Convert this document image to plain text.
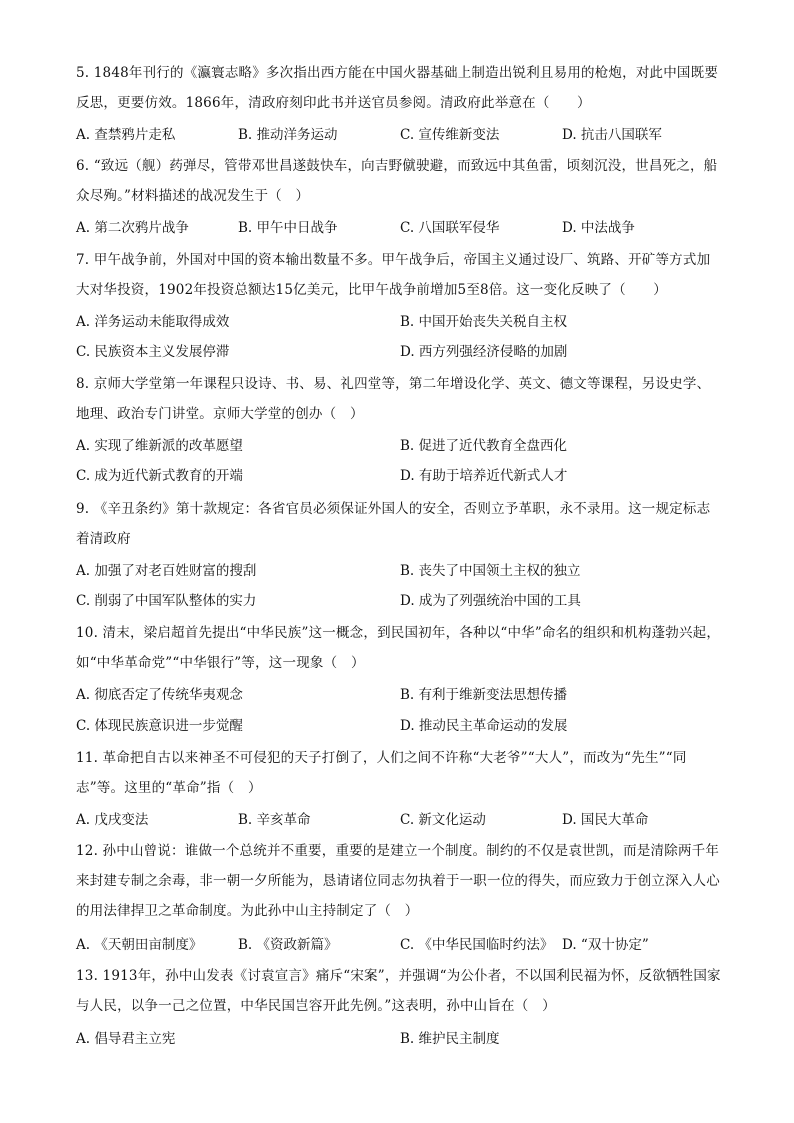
5. 1848年刊行的《瀛寰志略》多次指出西方能在中国火器基础上制造出锐利且易用的枪炮，对此中国既要反思，更要仿效。1866年，清政府刻印此书并送官员参阅。清政府此举意在（　　）

A. 查禁鸦片走私	B. 推动洋务运动	C. 宣传维新变法	D. 抗击八国联军

6. “致远（舰）药弹尽，管带邓世昌遂鼓快车，向吉野僦驶避，而致远中其鱼雷，顷刻沉没，世昌死之，船众尽殉。”材料描述的战况发生于（　）

A. 第二次鸦片战争	B. 甲午中日战争	C. 八国联军侵华	D. 中法战争

7. 甲午战争前，外国对中国的资本输出数量不多。甲午战争后，帝国主义通过设厂、筑路、开矿等方式加大对华投资，1902年投资总额达15亿美元，比甲午战争前增加5至8倍。这一变化反映了（　　）

A. 洋务运动未能取得成效	B. 中国开始丧失关税自主权
C. 民族资本主义发展停滞	D. 西方列强经济侵略的加剧

8. 京师大学堂第一年课程只设诗、书、易、礼四堂等，第二年增设化学、英文、德文等课程，另设史学、地理、政治专门讲堂。京师大学堂的创办（　）

A. 实现了维新派的改革愿望	B. 促进了近代教育全盘西化
C. 成为近代新式教育的开端	D. 有助于培养近代新式人才

9. 《辛丑条约》第十款规定：各省官员必须保证外国人的安全，否则立予革职，永不录用。这一规定标志着清政府

A. 加强了对老百姓财富的搜刮	B. 丧失了中国领土主权的独立
C. 削弱了中国军队整体的实力	D. 成为了列强统治中国的工具

10. 清末，梁启超首先提出“中华民族”这一概念，到民国初年，各种以“中华”命名的组织和机构蓬勃兴起，如“中华革命党”“中华银行”等，这一现象（　）

A. 彻底否定了传统华夷观念	B. 有利于维新变法思想传播
C. 体现民族意识进一步觉醒	D. 推动民主革命运动的发展

11. 革命把自古以来神圣不可侵犯的天子打倒了，人们之间不许称“大老爷”“大人”，而改为“先生”“同志”等。这里的“革命”指（　）

A. 戊戌变法	B. 辛亥革命	C. 新文化运动	D. 国民大革命

12. 孙中山曾说：谁做一个总统并不重要，重要的是建立一个制度。制约的不仅是袁世凯，而是清除两千年来封建专制之余毒，非一朝一夕所能为，恳请诸位同志勿执着于一职一位的得失，而应致力于创立深入人心的用法律捍卫之革命制度。为此孙中山主持制定了（　）

A. 《天朝田亩制度》	B. 《资政新篇》	C. 《中华民国临时约法》 D. “双十协定”

13. 1913年，孙中山发表《讨袁宣言》痛斥“宋案”，并强调“为公仆者，不以国利民福为怀，反欲牺牲国家与人民，以争一己之位置，中华民国岂容开此先例。”这表明，孙中山旨在（　）

A. 倡导君主立宪	B. 维护民主制度
